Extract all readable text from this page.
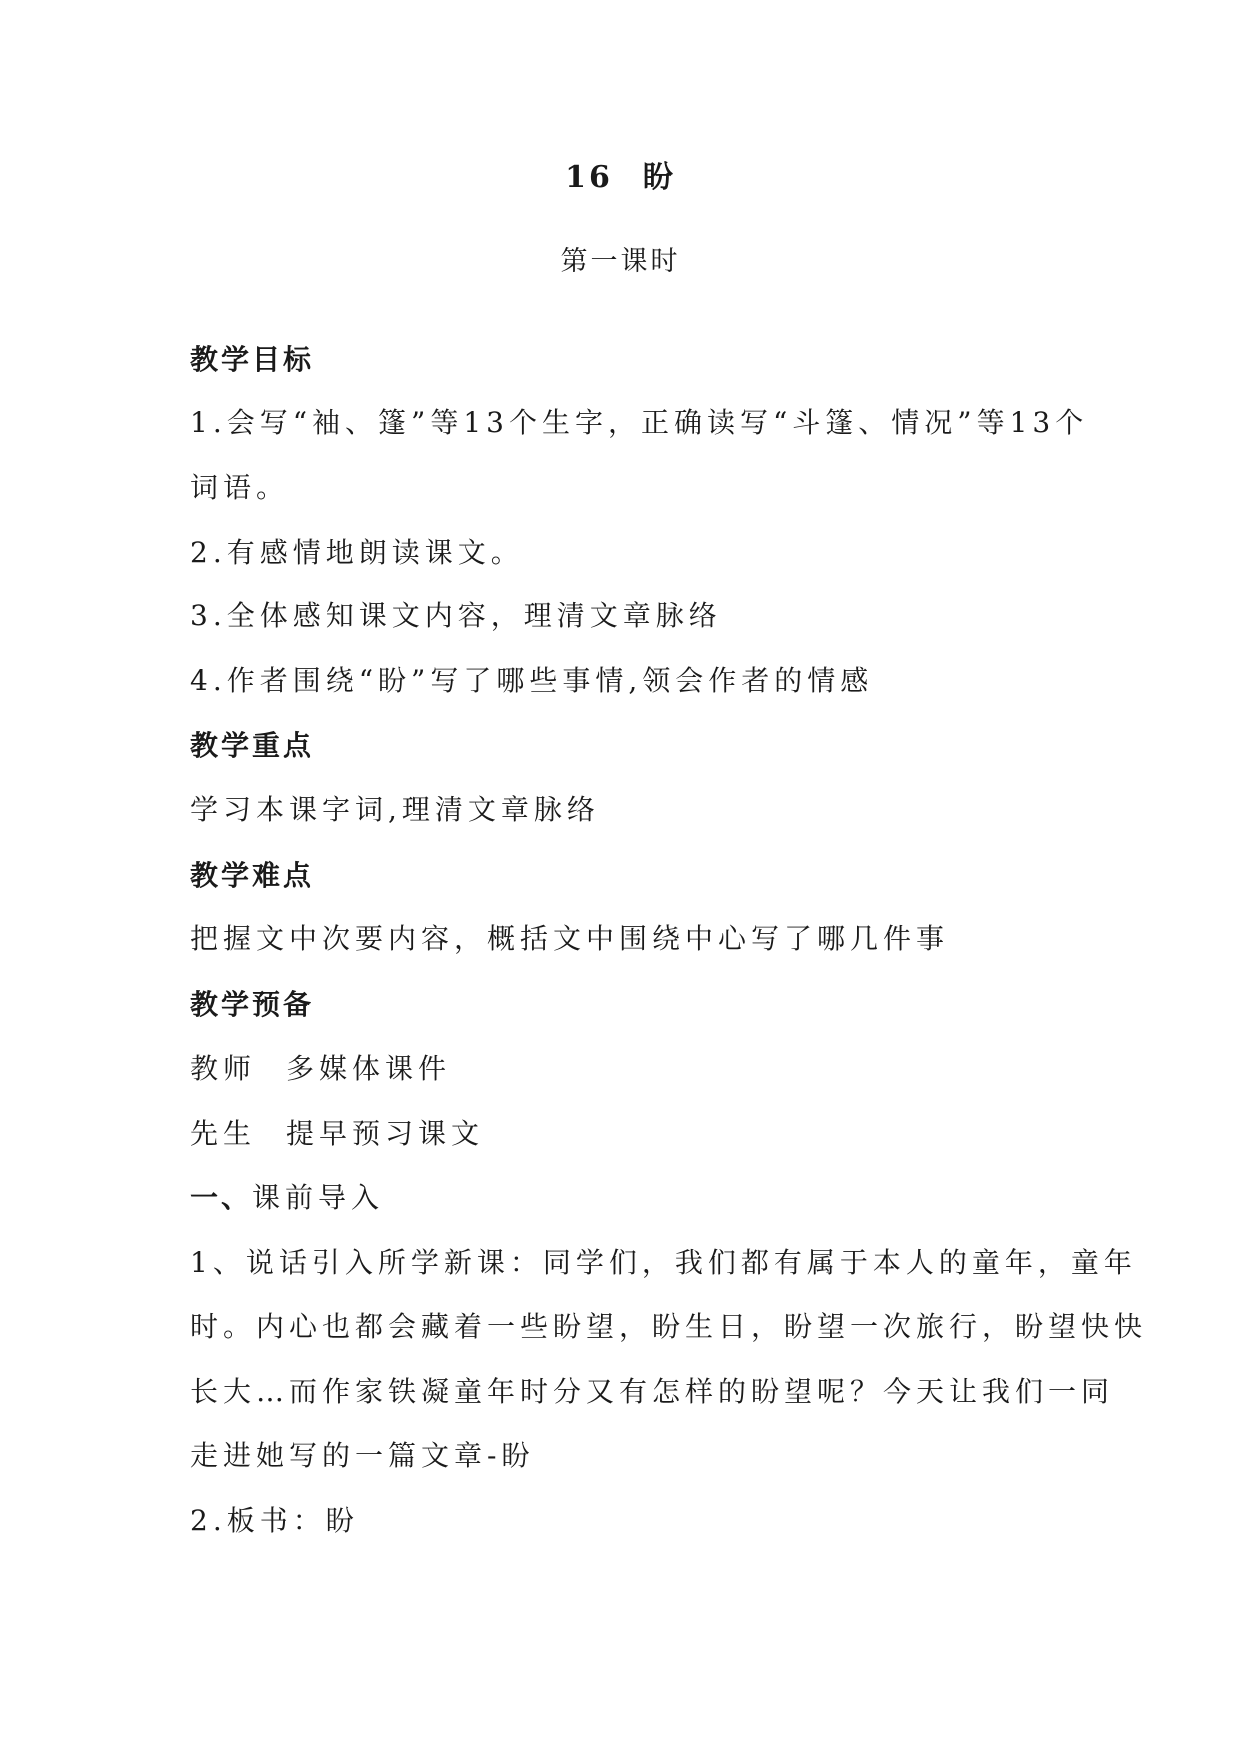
16 盼
第一课时
教学目标
1.会写“袖、篷”等13个生字，正确读写“斗篷、情况”等13个
词语。
2.有感情地朗读课文。
3.全体感知课文内容，理清文章脉络
4.作者围绕“盼”写了哪些事情,领会作者的情感
教学重点
学习本课字词,理清文章脉络
教学难点
把握文中次要内容，概括文中围绕中心写了哪几件事
教学预备
教师 多媒体课件
先生 提早预习课文
一、课前导入
1、说话引入所学新课：同学们，我们都有属于本人的童年，童年
时。内心也都会藏着一些盼望，盼生日，盼望一次旅行，盼望快快
长大…而作家铁凝童年时分又有怎样的盼望呢？今天让我们一同
走进她写的一篇文章-盼
2.板书：盼
